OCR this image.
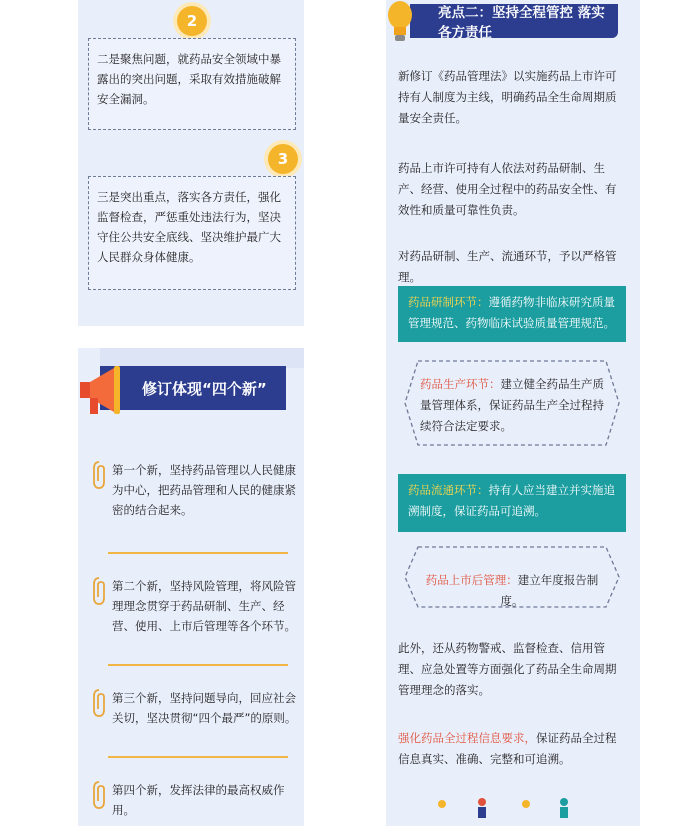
2
二是聚焦问题，就药品安全领域中暴露出的突出问题，采取有效措施破解安全漏洞。
3
三是突出重点，落实各方责任，强化监督检查，严惩重处违法行为，坚决守住公共安全底线、坚决维护最广大人民群众身体健康。
修订体现“四个新”
第一个新，坚持药品管理以人民健康为中心，把药品管理和人民的健康紧密的结合起来。
第二个新，坚持风险管理，将风险管理理念贯穿于药品研制、生产、经营、使用、上市后管理等各个环节。
第三个新，坚持问题导向，回应社会关切，坚决贯彻“四个最严”的原则。
第四个新，发挥法律的最高权威作用。
亮点二：坚持全程管控 落实各方责任
新修订《药品管理法》以实施药品上市许可持有人制度为主线，明确药品全生命周期质量安全责任。
药品上市许可持有人依法对药品研制、生产、经营、使用全过程中的药品安全性、有效性和质量可靠性负责。
对药品研制、生产、流通环节，予以严格管理。
药品研制环节：遵循药物非临床研究质量管理规范、药物临床试验质量管理规范。
药品生产环节：建立健全药品生产质量管理体系，保证药品生产全过程持续符合法定要求。
药品流通环节：持有人应当建立并实施追溯制度，保证药品可追溯。
药品上市后管理：建立年度报告制度。
此外，还从药物警戒、监督检查、信用管理、应急处置等方面强化了药品全生命周期管理理念的落实。
强化药品全过程信息要求，保证药品全过程信息真实、准确、完整和可追溯。
